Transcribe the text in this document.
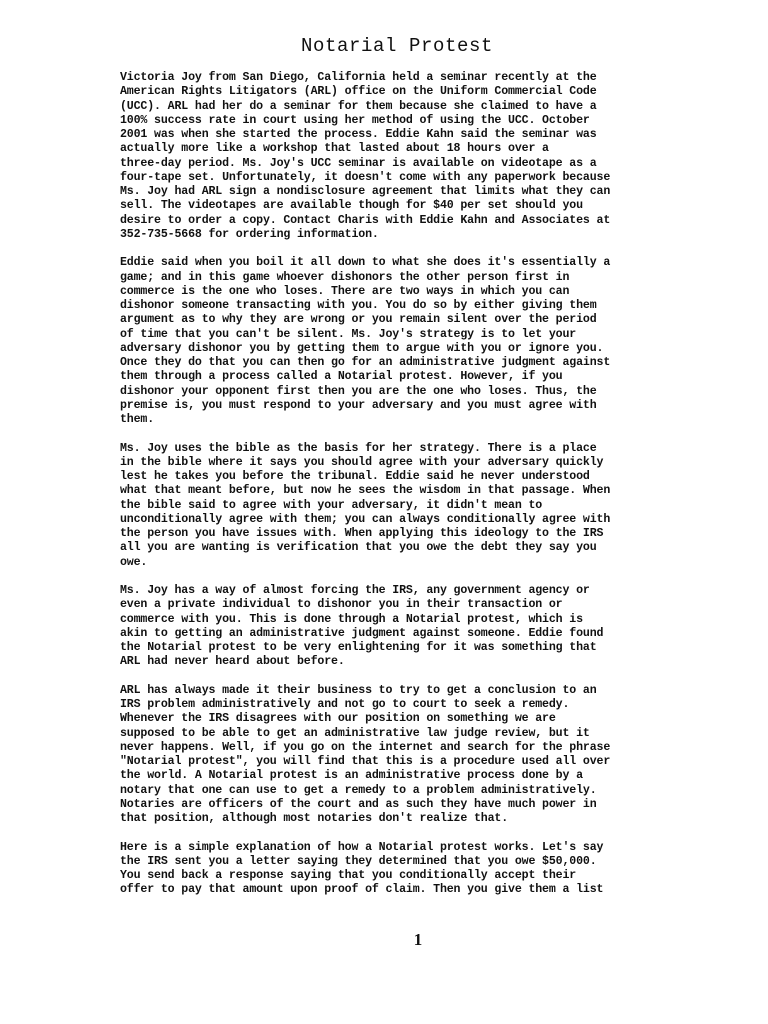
Notarial Protest

Victoria Joy from San Diego, California held a seminar recently at the
American Rights Litigators (ARL) office on the Uniform Commercial Code
(UCC). ARL had her do a seminar for them because she claimed to have a
100% success rate in court using her method of using the UCC. October
2001 was when she started the process. Eddie Kahn said the seminar was
actually more like a workshop that lasted about 18 hours over a
three-day period. Ms. Joy's UCC seminar is available on videotape as a
four-tape set. Unfortunately, it doesn't come with any paperwork because
Ms. Joy had ARL sign a nondisclosure agreement that limits what they can
sell. The videotapes are available though for $40 per set should you
desire to order a copy. Contact Charis with Eddie Kahn and Associates at
352-735-5668 for ordering information.

Eddie said when you boil it all down to what she does it's essentially a
game; and in this game whoever dishonors the other person first in
commerce is the one who loses. There are two ways in which you can
dishonor someone transacting with you. You do so by either giving them
argument as to why they are wrong or you remain silent over the period
of time that you can't be silent. Ms. Joy's strategy is to let your
adversary dishonor you by getting them to argue with you or ignore you.
Once they do that you can then go for an administrative judgment against
them through a process called a Notarial protest. However, if you
dishonor your opponent first then you are the one who loses. Thus, the
premise is, you must respond to your adversary and you must agree with
them.

Ms. Joy uses the bible as the basis for her strategy. There is a place
in the bible where it says you should agree with your adversary quickly
lest he takes you before the tribunal. Eddie said he never understood
what that meant before, but now he sees the wisdom in that passage. When
the bible said to agree with your adversary, it didn't mean to
unconditionally agree with them; you can always conditionally agree with
the person you have issues with. When applying this ideology to the IRS
all you are wanting is verification that you owe the debt they say you
owe.

Ms. Joy has a way of almost forcing the IRS, any government agency or
even a private individual to dishonor you in their transaction or
commerce with you. This is done through a Notarial protest, which is
akin to getting an administrative judgment against someone. Eddie found
the Notarial protest to be very enlightening for it was something that
ARL had never heard about before.

ARL has always made it their business to try to get a conclusion to an
IRS problem administratively and not go to court to seek a remedy.
Whenever the IRS disagrees with our position on something we are
supposed to be able to get an administrative law judge review, but it
never happens. Well, if you go on the internet and search for the phrase
"Notarial protest", you will find that this is a procedure used all over
the world. A Notarial protest is an administrative process done by a
notary that one can use to get a remedy to a problem administratively.
Notaries are officers of the court and as such they have much power in
that position, although most notaries don't realize that.

Here is a simple explanation of how a Notarial protest works. Let's say
the IRS sent you a letter saying they determined that you owe $50,000.
You send back a response saying that you conditionally accept their
offer to pay that amount upon proof of claim. Then you give them a list

1
